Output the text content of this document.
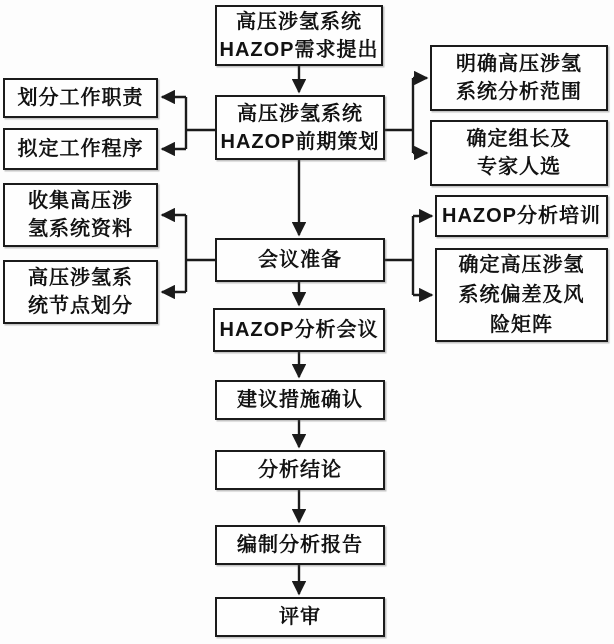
高压涉氢系统
HAZOP需求提出
高压涉氢系统
HAZOP前期策划
会议准备
HAZOP分析会议
建议措施确认
分析结论
编制分析报告
评审
划分工作职责
拟定工作程序
收集高压涉
氢系统资料
高压涉氢系
统节点划分
明确高压涉氢
系统分析范围
确定组长及
专家人选
HAZOP分析培训
确定高压涉氢
系统偏差及风
险矩阵
